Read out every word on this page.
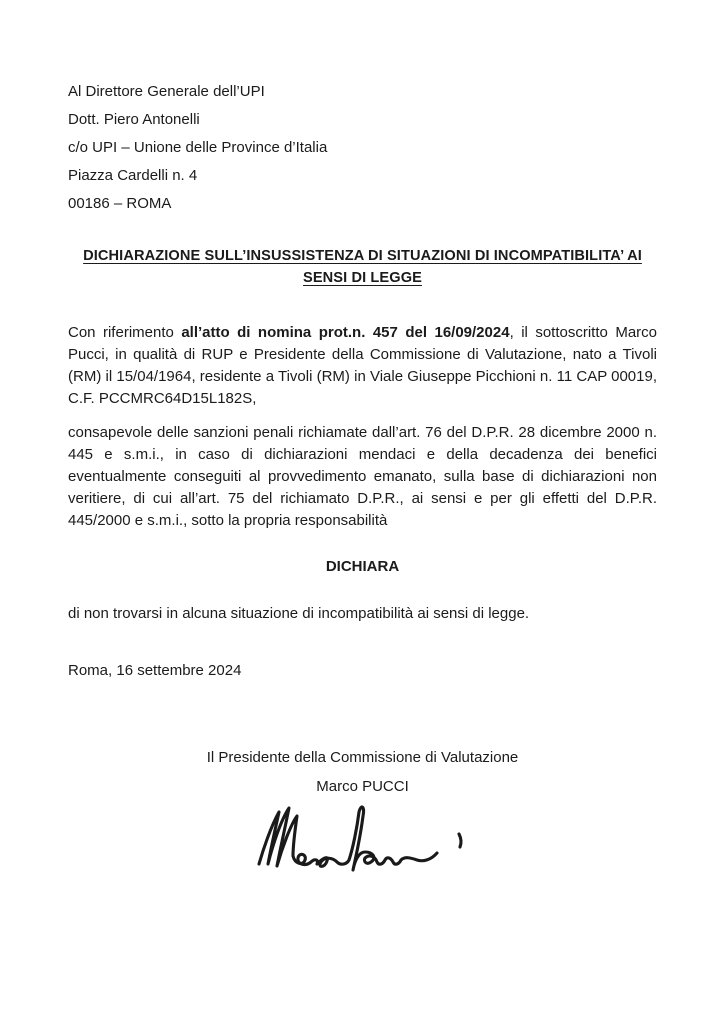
Al Direttore Generale dell’UPI

Dott. Piero Antonelli

c/o UPI – Unione delle Province d’Italia

Piazza Cardelli n. 4

00186 – ROMA

DICHIARAZIONE SULL’INSUSSISTENZA DI SITUAZIONI DI INCOMPATIBILITA’ AI SENSI DI LEGGE

Con riferimento all’atto di nomina prot.n. 457 del 16/09/2024, il sottoscritto Marco Pucci, in qualità di RUP e Presidente della Commissione di Valutazione, nato a Tivoli (RM) il 15/04/1964, residente a Tivoli (RM) in Viale Giuseppe Picchioni n. 11 CAP 00019, C.F. PCCMRC64D15L182S,

consapevole delle sanzioni penali richiamate dall’art. 76 del D.P.R. 28 dicembre 2000 n. 445 e s.m.i., in caso di dichiarazioni mendaci e della decadenza dei benefici eventualmente conseguiti al provvedimento emanato, sulla base di dichiarazioni non veritiere, di cui all’art. 75 del richiamato D.P.R., ai sensi e per gli effetti del D.P.R. 445/2000 e s.m.i., sotto la propria responsabilità

DICHIARA

di non trovarsi in alcuna situazione di incompatibilità ai sensi di legge.

Roma, 16 settembre 2024

Il Presidente della Commissione di Valutazione
Marco PUCCI
